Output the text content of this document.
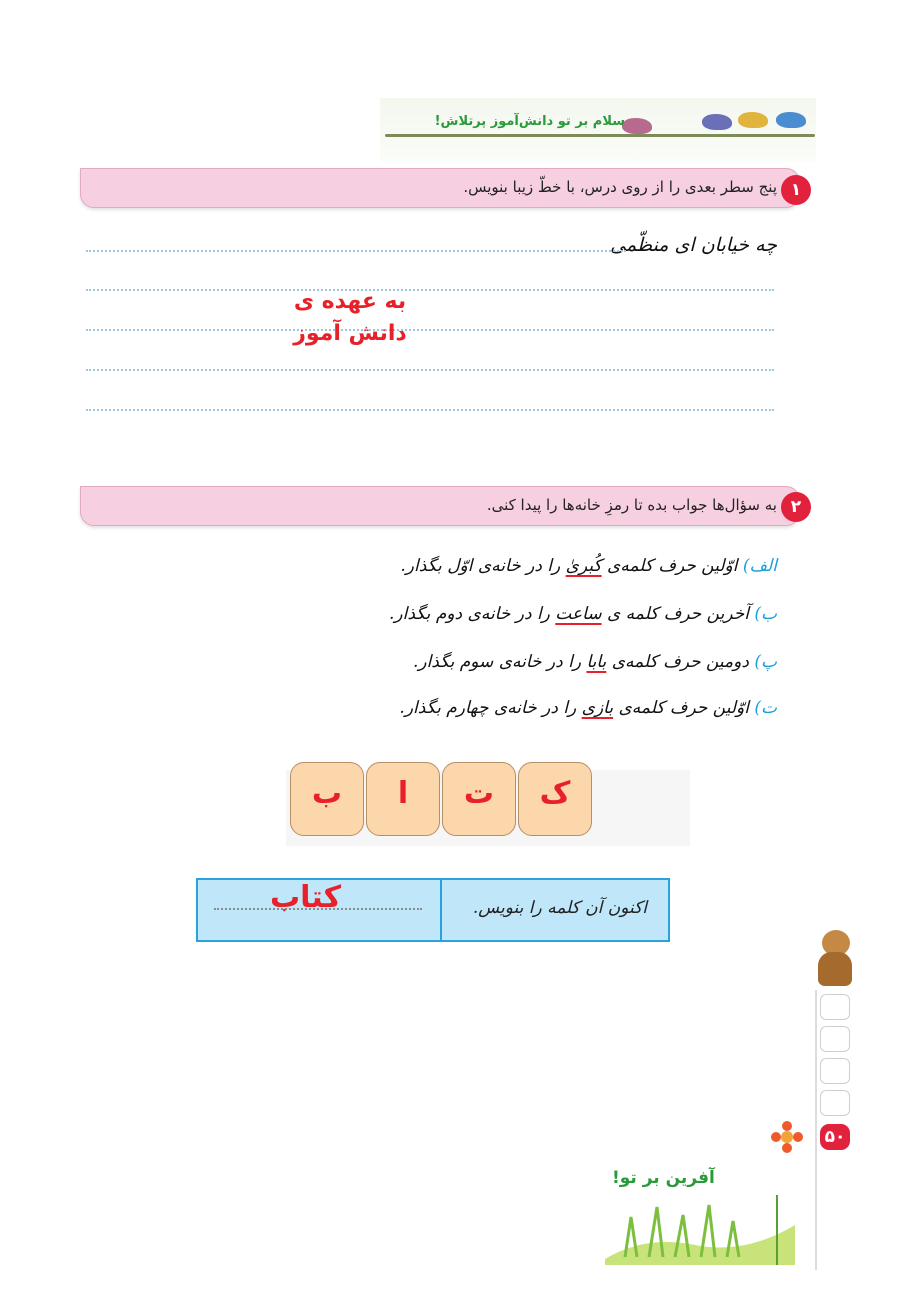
سلام بر تو دانش‌آموز پرتلاش!
پنج سطر بعدی را از روی درس، با خطّ زیبا بنویس. ۱
چه خیابان ای منظّمی
به عهده ی
دانش آموز
به سؤال‌ها جواب بده تا رمزِ خانه‌ها را پیدا کنی. ۲
الف) اوّلین حرف کلمه‌ی کُبریٰ را در خانه‌ی اوّل بگذار.
ب) آخرین حرف کلمه ی ساعت را در خانه‌ی دوم بگذار.
پ) دومین حرف کلمه‌ی بابا را در خانه‌ی سوم بگذار.
ت) اوّلین حرف کلمه‌ی بازی را در خانه‌ی چهارم بگذار.
ک
ت
ا
ب
اکنون آن کلمه را بنویس.
کتاب
۵۰
آفرین بر تو!
